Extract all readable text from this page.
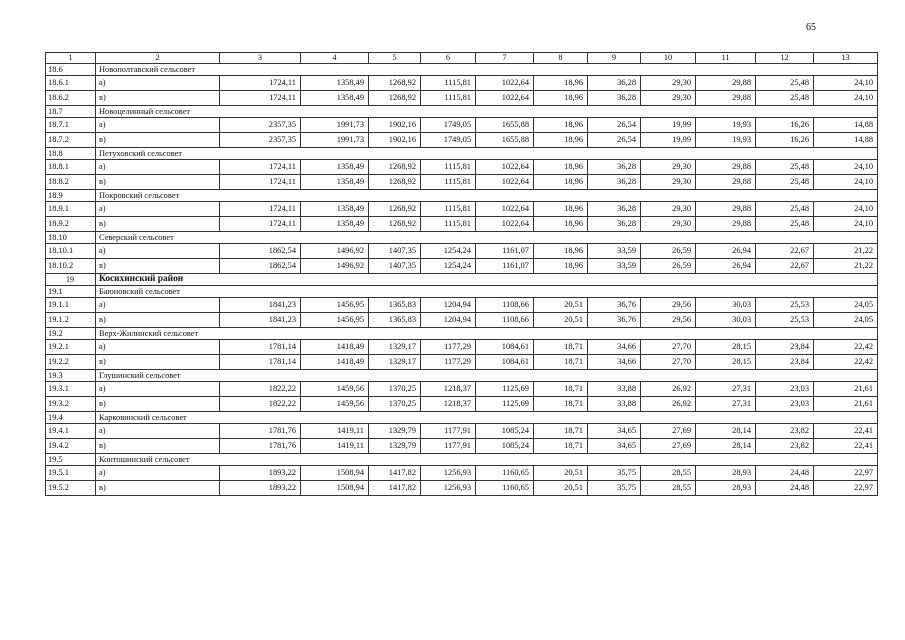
65
1	2	3	4	5	6	7	8	9	10	11	12	13
18.6	Новополтавский сельсовет											
18.6.1	а)	1724,11	1358,49	1268,92	1115,81	1022,64	18,96	36,28	29,30	29,88	25,48	24,10
18.6.2	в)	1724,11	1358,49	1268,92	1115,81	1022,64	18,96	36,28	29,30	29,88	25,48	24,10
18.7	Новоцелинный сельсовет											
18.7.1	а)	2357,35	1991,73	1902,16	1749,05	1655,88	18,96	26,54	19,99	19,93	16,26	14,88
18.7.2	в)	2357,35	1991,73	1902,16	1749,05	1655,88	18,96	26,54	19,99	19,93	16,26	14,88
18.8	Петуховский сельсовет											
18.8.1	а)	1724,11	1358,49	1268,92	1115,81	1022,64	18,96	36,28	29,30	29,88	25,48	24,10
18.8.2	в)	1724,11	1358,49	1268,92	1115,81	1022,64	18,96	36,28	29,30	29,88	25,48	24,10
18.9	Покровский сельсовет											
18.9.1	а)	1724,11	1358,49	1268,92	1115,81	1022,64	18,96	36,28	29,30	29,88	25,48	24,10
18.9.2	в)	1724,11	1358,49	1268,92	1115,81	1022,64	18,96	36,28	29,30	29,88	25,48	24,10
18.10	Северский сельсовет											
18.10.1	а)	1862,54	1496,92	1407,35	1254,24	1161,07	18,96	33,59	26,59	26,94	22,67	21,22
18.10.2	в)	1862,54	1496,92	1407,35	1254,24	1161,07	18,96	33,59	26,59	26,94	22,67	21,22
19	Косихинский район											
19.1	Баюновский сельсовет											
19.1.1	а)	1841,23	1456,95	1365,83	1204,94	1108,66	20,51	36,76	29,56	30,03	25,53	24,05
19.1.2	в)	1841,23	1456,95	1365,83	1204,94	1108,66	20,51	36,76	29,56	30,03	25,53	24,05
19.2	Верх-Жилинский сельсовет											
19.2.1	а)	1781,14	1418,49	1329,17	1177,29	1084,61	18,71	34,66	27,70	28,15	23,84	22,42
19.2.2	в)	1781,14	1418,49	1329,17	1177,29	1084,61	18,71	34,66	27,70	28,15	23,84	22,42
19.3	Глушинский сельсовет											
19.3.1	а)	1822,22	1459,56	1370,25	1218,37	1125,69	18,71	33,88	26,92	27,31	23,03	21,61
19.3.2	в)	1822,22	1459,56	1370,25	1218,37	1125,69	18,71	33,88	26,92	27,31	23,03	21,61
19.4	Карковинский сельсовет											
19.4.1	а)	1781,76	1419,11	1329,79	1177,91	1085,24	18,71	34,65	27,69	28,14	23,82	22,41
19.4.2	в)	1781,76	1419,11	1329,79	1177,91	1085,24	18,71	34,65	27,69	28,14	23,82	22,41
19.5	Контошинский сельсовет											
19.5.1	а)	1893,22	1508,94	1417,82	1256,93	1160,65	20,51	35,75	28,55	28,93	24,48	22,97
19.5.2	в)	1893,22	1508,94	1417,82	1256,93	1160,65	20,51	35,75	28,55	28,93	24,48	22,97
